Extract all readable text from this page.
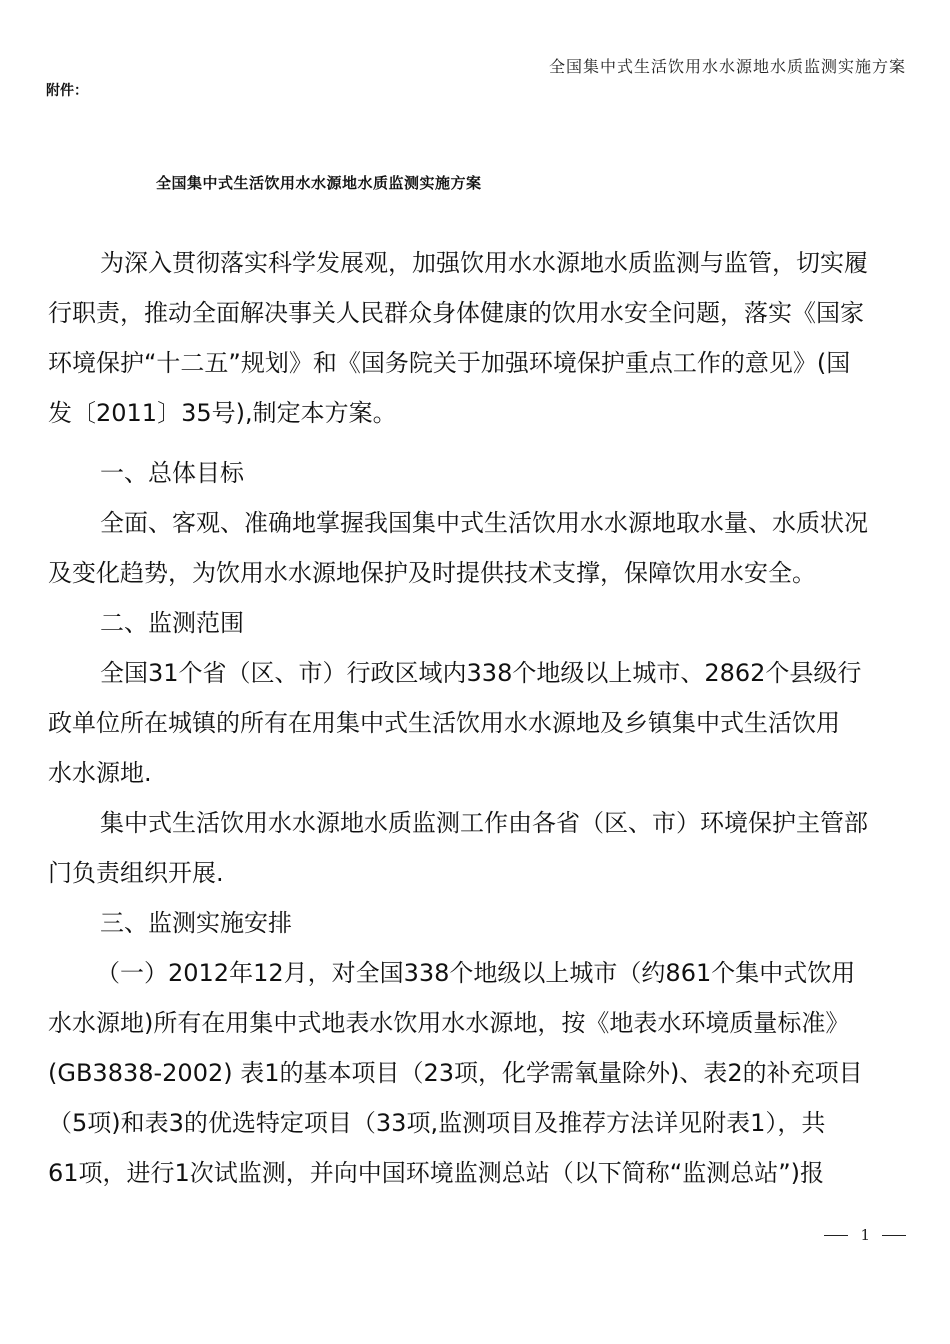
全国集中式生活饮用水水源地水质监测实施方案
附件：
全国集中式生活饮用水水源地水质监测实施方案
为深入贯彻落实科学发展观，加强饮用水水源地水质监测与监管，切实履
行职责，推动全面解决事关人民群众身体健康的饮用水安全问题，落实《国家
环境保护“十二五”规划》和《国务院关于加强环境保护重点工作的意见》(国
发〔2011〕35号),制定本方案。
一、总体目标
全面、客观、准确地掌握我国集中式生活饮用水水源地取水量、水质状况
及变化趋势，为饮用水水源地保护及时提供技术支撑，保障饮用水安全。
二、监测范围
全国31个省（区、市）行政区域内338个地级以上城市、2862个县级行
政单位所在城镇的所有在用集中式生活饮用水水源地及乡镇集中式生活饮用
水水源地.
集中式生活饮用水水源地水质监测工作由各省（区、市）环境保护主管部
门负责组织开展.
三、监测实施安排
（一）2012年12月，对全国338个地级以上城市（约861个集中式饮用
水水源地)所有在用集中式地表水饮用水水源地，按《地表水环境质量标准》
(GB3838-2002) 表1的基本项目（23项，化学需氧量除外)、表2的补充项目
（5项)和表3的优选特定项目（33项,监测项目及推荐方法详见附表1），共
61项，进行1次试监测，并向中国环境监测总站（以下简称“监测总站”)报
1
